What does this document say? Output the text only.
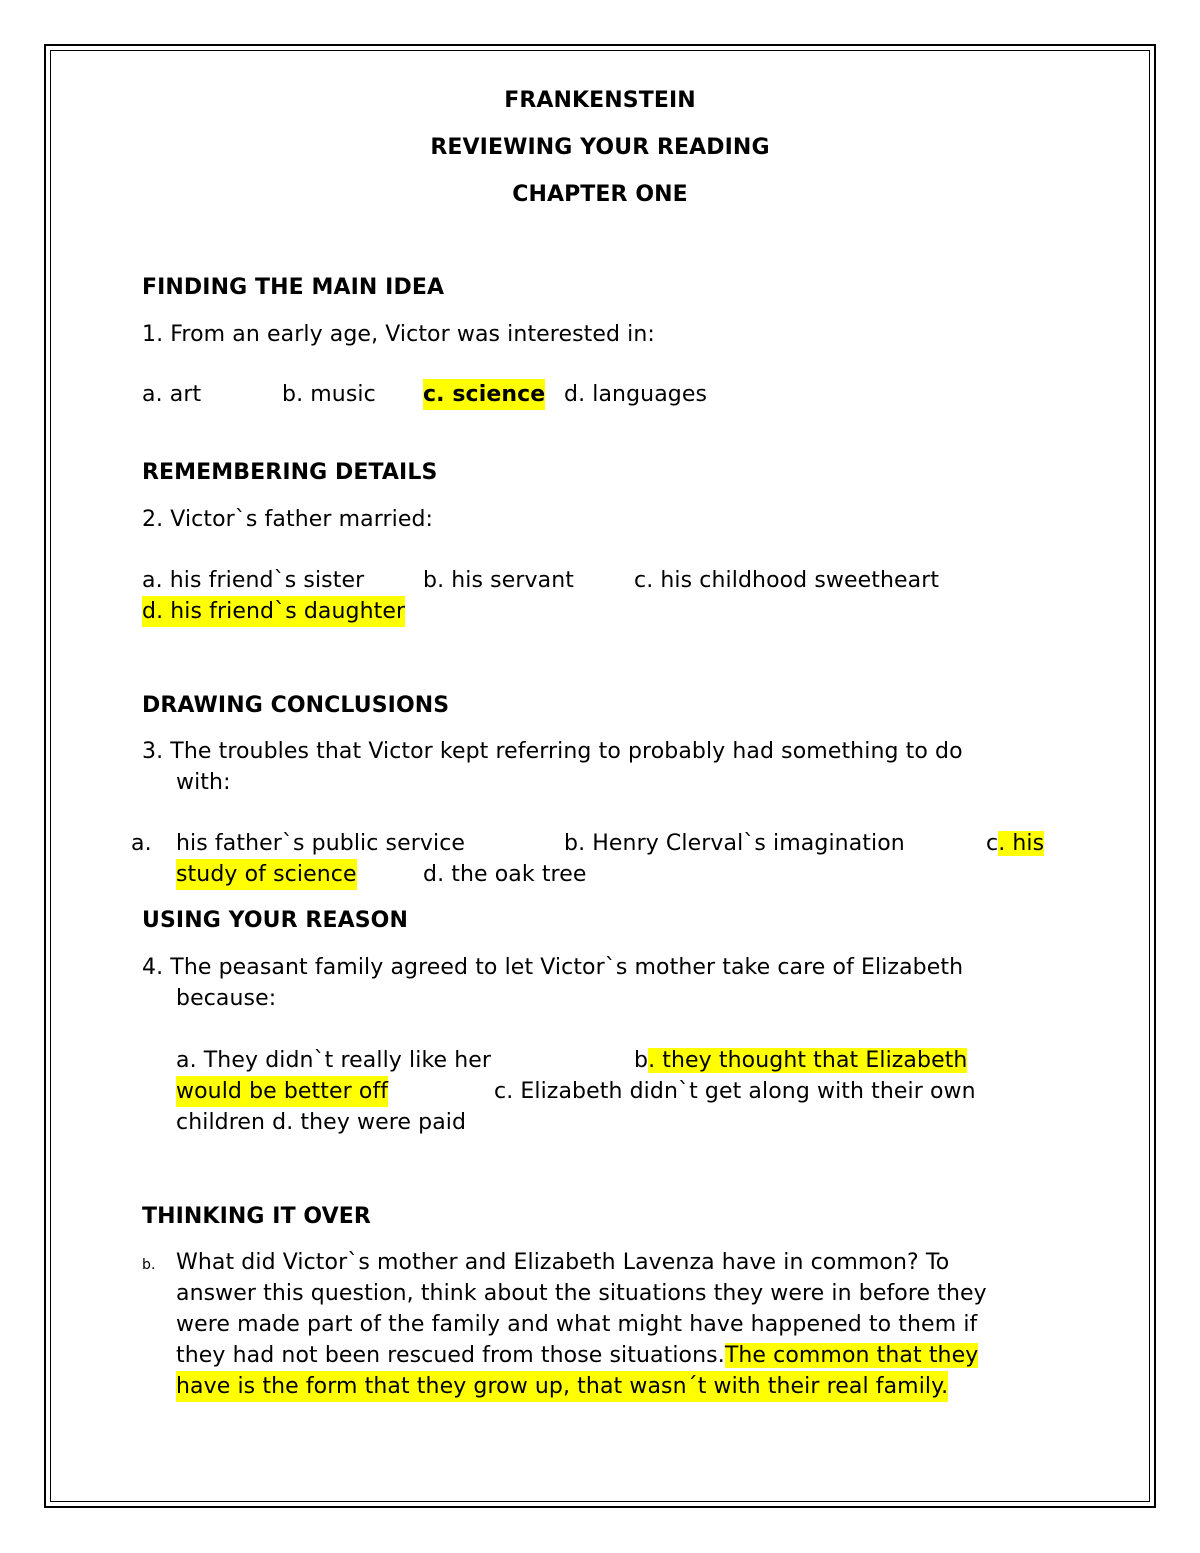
FRANKENSTEIN
REVIEWING YOUR READING
CHAPTER ONE
FINDING THE MAIN IDEA
1. From an early age, Victor was interested in:
a. art	b. music c. science d. languages
REMEMBERING DETAILS
2. Victor`s father married:
a. his friend`s sister	b. his servant	c. his childhood sweetheart
d. his friend`s daughter
DRAWING CONCLUSIONS
3. The troubles that Victor kept referring to probably had something to do
with:
a. his father`s public service	b. Henry Clerval`s imagination	c. his
study of science	d. the oak tree
USING YOUR REASON
4. The peasant family agreed to let Victor`s mother take care of Elizabeth
because:
a. They didn`t really like her	b. they thought that Elizabeth
would be better off	c. Elizabeth didn`t get along with their own
children d. they were paid
THINKING IT OVER
b. What did Victor`s mother and Elizabeth Lavenza have in common? To
answer this question, think about the situations they were in before they
were made part of the family and what might have happened to them if
they had not been rescued from those situations.The common that they
have is the form that they grow up, that wasn´t with their real family.
